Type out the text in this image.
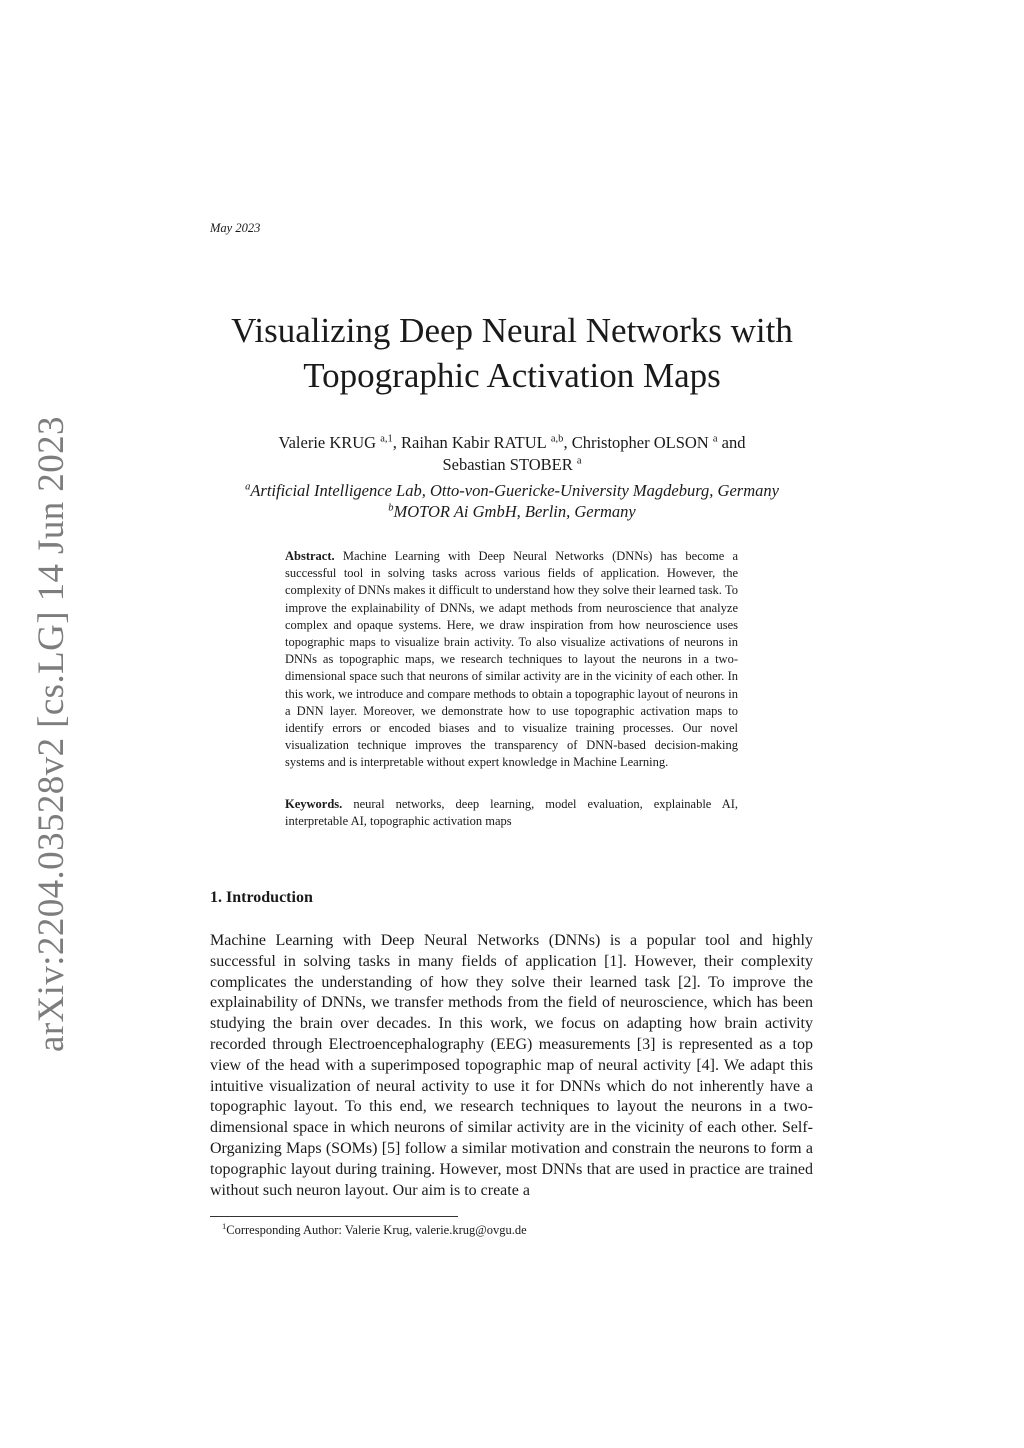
arXiv:2204.03528v2 [cs.LG] 14 Jun 2023
May 2023
Visualizing Deep Neural Networks with
Topographic Activation Maps
Valerie KRUG $^{a,1}$, Raihan Kabir RATUL $^{a,b}$, Christopher OLSON $^a$ and
Sebastian STOBER $^a$
$^a$Artificial Intelligence Lab, Otto-von-Guericke-University Magdeburg, Germany
$^b$MOTOR Ai GmbH, Berlin, Germany
Abstract. Machine Learning with Deep Neural Networks (DNNs) has become a successful tool in solving tasks across various fields of application. However, the complexity of DNNs makes it difficult to understand how they solve their learned task. To improve the explainability of DNNs, we adapt methods from neuroscience that analyze complex and opaque systems. Here, we draw inspiration from how neuroscience uses topographic maps to visualize brain activity. To also visualize activations of neurons in DNNs as topographic maps, we research techniques to layout the neurons in a two-dimensional space such that neurons of similar activity are in the vicinity of each other. In this work, we introduce and compare methods to obtain a topographic layout of neurons in a DNN layer. Moreover, we demonstrate how to use topographic activation maps to identify errors or encoded biases and to visualize training processes. Our novel visualization technique improves the transparency of DNN-based decision-making systems and is interpretable without expert knowledge in Machine Learning.
Keywords. neural networks, deep learning, model evaluation, explainable AI, interpretable AI, topographic activation maps
1. Introduction
Machine Learning with Deep Neural Networks (DNNs) is a popular tool and highly successful in solving tasks in many fields of application [1]. However, their complexity complicates the understanding of how they solve their learned task [2]. To improve the explainability of DNNs, we transfer methods from the field of neuroscience, which has been studying the brain over decades. In this work, we focus on adapting how brain activity recorded through Electroencephalography (EEG) measurements [3] is represented as a top view of the head with a superimposed topographic map of neural activity [4]. We adapt this intuitive visualization of neural activity to use it for DNNs which do not inherently have a topographic layout. To this end, we research techniques to layout the neurons in a two-dimensional space in which neurons of similar activity are in the vicinity of each other. Self-Organizing Maps (SOMs) [5] follow a similar motivation and constrain the neurons to form a topographic layout during training. However, most DNNs that are used in practice are trained without such neuron layout. Our aim is to create a
$^1$Corresponding Author: Valerie Krug, valerie.krug@ovgu.de
